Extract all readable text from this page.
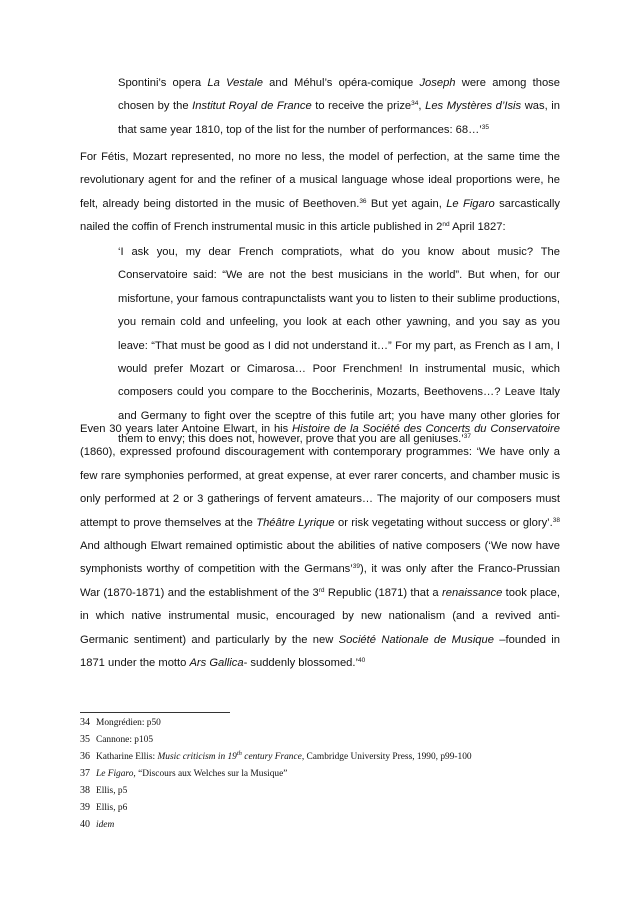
Spontini’s opera La Vestale and Méhul’s opéra-comique Joseph were among those chosen by the Institut Royal de France to receive the prize$^{34}$, Les Mystères d’Isis was, in that same year 1810, top of the list for the number of performances: 68…’$^{35}$

For Fétis, Mozart represented, no more no less, the model of perfection, at the same time the revolutionary agent for and the refiner of a musical language whose ideal proportions were, he felt, already being distorted in the music of Beethoven.$^{36}$ But yet again, Le Figaro sarcastically nailed the coffin of French instrumental music in this article published in 2nd April 1827:

‘I ask you, my dear French compratiots, what do you know about music? The Conservatoire said: “We are not the best musicians in the world”. But when, for our misfortune, your famous contrapunctalists want you to listen to their sublime productions, you remain cold and unfeeling, you look at each other yawning, and you say as you leave: “That must be good as I did not understand it…” For my part, as French as I am, I would prefer Mozart or Cimarosa… Poor Frenchmen! In instrumental music, which composers could you compare to the Boccherinis, Mozarts, Beethovens…? Leave Italy and Germany to fight over the sceptre of this futile art; you have many other glories for them to envy; this does not, however, prove that you are all geniuses.’$^{37}$

Even 30 years later Antoine Elwart, in his Histoire de la Société des Concerts du Conservatoire (1860), expressed profound discouragement with contemporary programmes: ‘We have only a few rare symphonies performed, at great expense, at ever rarer concerts, and chamber music is only performed at 2 or 3 gatherings of fervent amateurs… The majority of our composers must attempt to prove themselves at the Théâtre Lyrique or risk vegetating without success or glory’.$^{38}$ And although Elwart remained optimistic about the abilities of native composers (‘We now have symphonists worthy of competition with the Germans’$^{39}$), it was only after the Franco-Prussian War (1870-1871) and the establishment of the 3rd Republic (1871) that a renaissance took place, in which native instrumental music, encouraged by new nationalism (and a revived anti-Germanic sentiment) and particularly by the new Société Nationale de Musique –founded in 1871 under the motto Ars Gallica- suddenly blossomed.’$^{40}$

34 Mongrédien: p50
35 Cannone: p105
36 Katharine Ellis: Music criticism in 19th century France, Cambridge University Press, 1990, p99-100
37 Le Figaro, “Discours aux Welches sur la Musique”
38 Ellis, p5
39 Ellis, p6
40 idem
